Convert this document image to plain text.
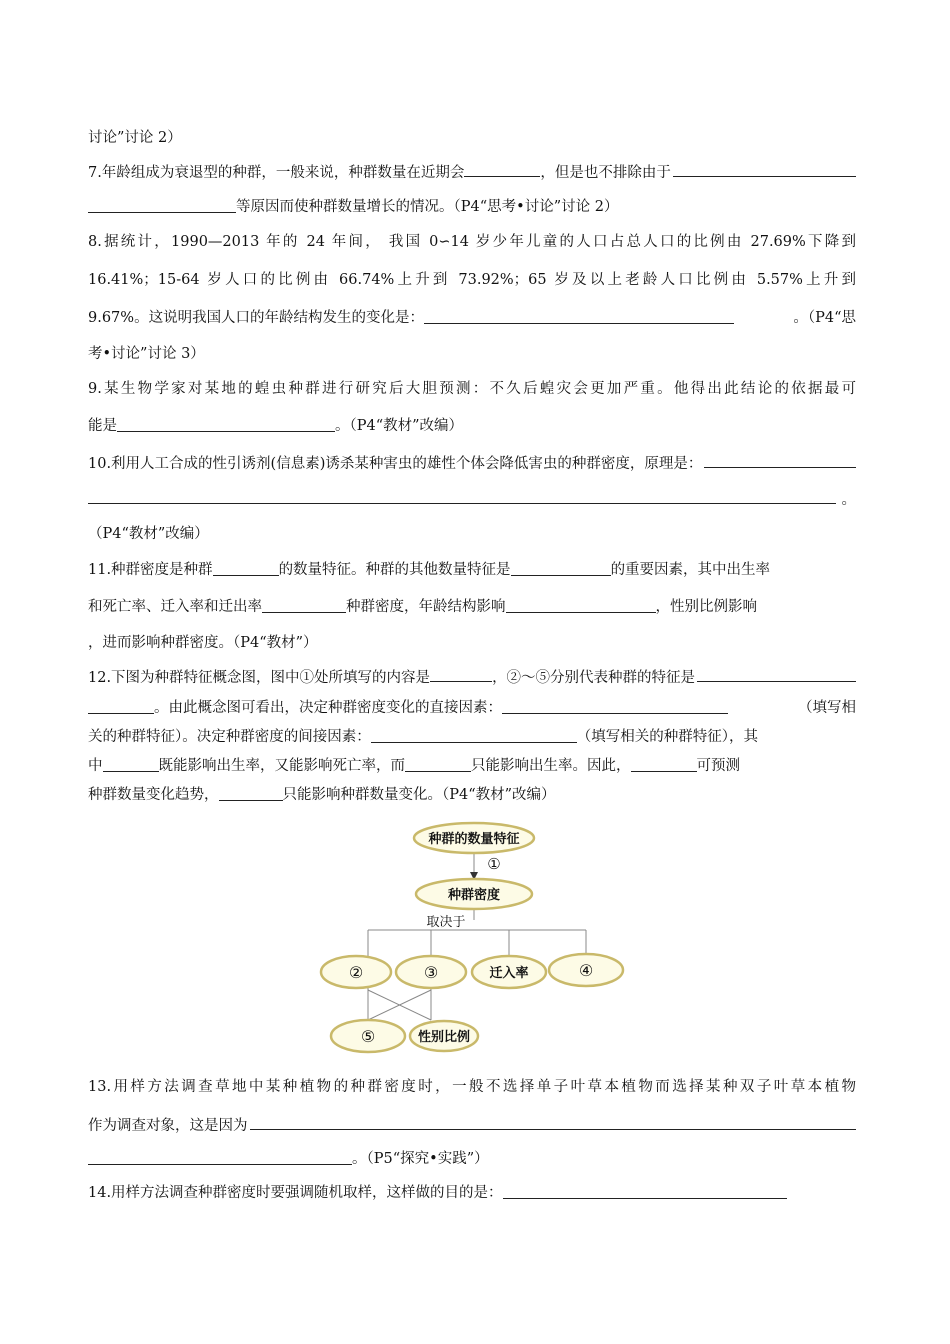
讨论”讨论 2）
7.年龄组成为衰退型的种群，一般来说，种群数量在近期会	，但是也不排除由于
等原因而使种群数量增长的情况。（P4“思考•讨论”讨论 2）
8.据统计，1990—2013 年的 24 年间， 我国 0∽14 岁少年儿童的人口占总人口的比例由 27.69%下降到
16.41%；15-64 岁人口的比例由 66.74%上升到 73.92%；65 岁及以上老龄人口比例由 5.57%上升到
9.67%。这说明我国人口的年龄结构发生的变化是：	。（P4“思
考•讨论”讨论 3）
9.某生物学家对某地的蝗虫种群进行研究后大胆预测：不久后蝗灾会更加严重。他得出此结论的依据最可
能是	。（P4“教材”改编）
10.利用人工合成的性引诱剂(信息素)诱杀某种害虫的雄性个体会降低害虫的种群密度，原理是：
。
（P4“教材”改编）
11.种群密度是种群	的数量特征。种群的其他数量特征是	的重要因素，其中出生率
和死亡率、迁入率和迁出率	种群密度，年龄结构影响	，性别比例影响
，进而影响种群密度。（P4“教材”）
12.下图为种群特征概念图，图中①处所填写的内容是	，②～⑤分别代表种群的特征是
。由此概念图可看出，决定种群密度变化的直接因素：	（填写相
关的种群特征）。决定种群密度的间接因素：	（填写相关的种群特征），其
中	既能影响出生率，又能影响死亡率，而	只能影响出生率。因此，	可预测
种群数量变化趋势，	只能影响种群数量变化。（P4“教材”改编）
13.用样方法调查草地中某种植物的种群密度时，一般不选择单子叶草本植物而选择某种双子叶草本植物
作为调查对象，这是因为
。（P5“探究•实践”）
14.用样方法调查种群密度时要强调随机取样，这样做的目的是：
种群的数量特征
①
种群密度
取决于
②	③	迁入率	④
⑤	性别比例
